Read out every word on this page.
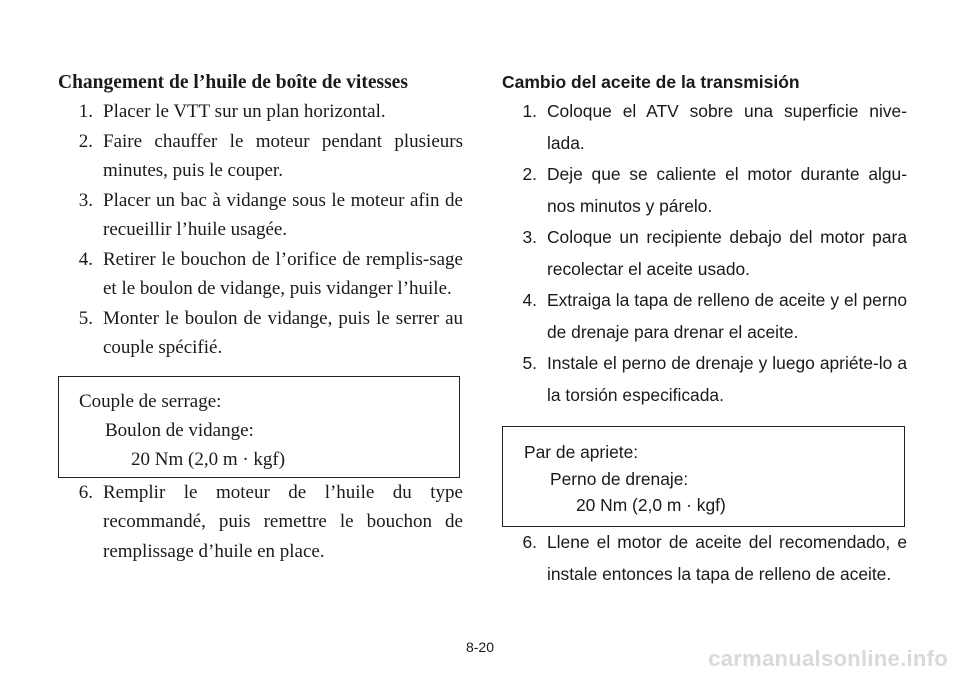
Changement de l’huile de boîte de vitesses
1. Placer le VTT sur un plan horizontal.
2. Faire chauffer le moteur pendant plusieurs minutes, puis le couper.
3. Placer un bac à vidange sous le moteur afin de recueillir l’huile usagée.
4. Retirer le bouchon de l’orifice de remplis-sage et le boulon de vidange, puis vidanger l’huile.
5. Monter le boulon de vidange, puis le serrer au couple spécifié.
Couple de serrage:
Boulon de vidange:
20 Nm (2,0 m · kgf)
6. Remplir le moteur de l’huile du type recommandé, puis remettre le bouchon de remplissage d’huile en place.
Cambio del aceite de la transmisión
1. Coloque el ATV sobre una superficie nive-lada.
2. Deje que se caliente el motor durante algu-nos minutos y párelo.
3. Coloque un recipiente debajo del motor para recolectar el aceite usado.
4. Extraiga la tapa de relleno de aceite y el perno de drenaje para drenar el aceite.
5. Instale el perno de drenaje y luego apriéte-lo a la torsión especificada.
Par de apriete:
Perno de drenaje:
20 Nm (2,0 m · kgf)
6. Llene el motor de aceite del recomendado, e instale entonces la tapa de relleno de aceite.
8-20	carmanualsonline.info
